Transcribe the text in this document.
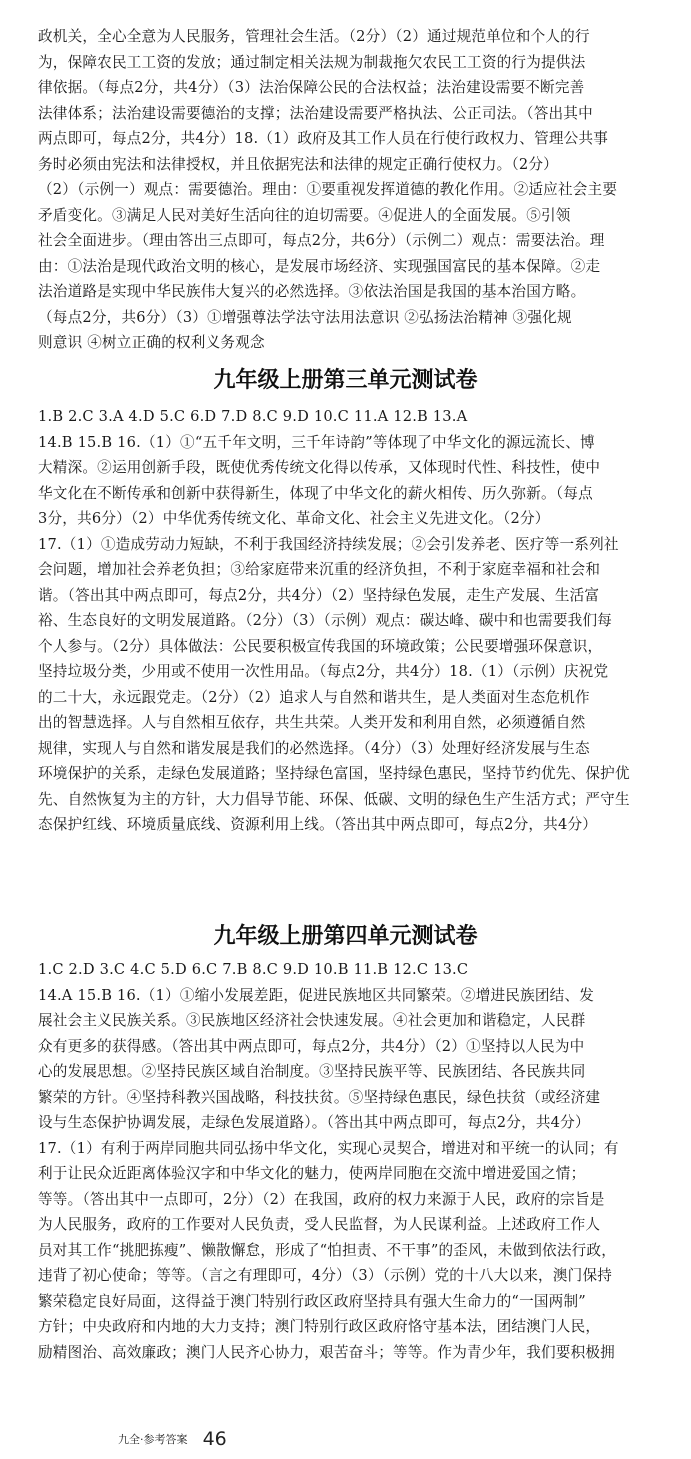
政机关，全心全意为人民服务，管理社会生活。（2分）（2）通过规范单位和个人的行
为，保障农民工工资的发放；通过制定相关法规为制裁拖欠农民工工资的行为提供法
律依据。（每点2分，共4分）（3）法治保障公民的合法权益；法治建设需要不断完善
法律体系；法治建设需要德治的支撑；法治建设需要严格执法、公正司法。（答出其中
两点即可，每点2分，共4分）18.（1）政府及其工作人员在行使行政权力、管理公共事
务时必须由宪法和法律授权，并且依据宪法和法律的规定正确行使权力。（2分）
（2）（示例一）观点：需要德治。理由：①要重视发挥道德的教化作用。②适应社会主要
矛盾变化。③满足人民对美好生活向往的迫切需要。④促进人的全面发展。⑤引领
社会全面进步。（理由答出三点即可，每点2分，共6分）（示例二）观点：需要法治。理
由：①法治是现代政治文明的核心，是发展市场经济、实现强国富民的基本保障。②走
法治道路是实现中华民族伟大复兴的必然选择。③依法治国是我国的基本治国方略。
（每点2分，共6分）（3）①增强尊法学法守法用法意识 ②弘扬法治精神 ③强化规
则意识 ④树立正确的权利义务观念
九年级上册第三单元测试卷
1.B 2.C 3.A 4.D 5.C 6.D 7.D 8.C 9.D 10.C 11.A 12.B 13.A
14.B 15.B 16.（1）①“五千年文明，三千年诗韵”等体现了中华文化的源远流长、博
大精深。②运用创新手段，既使优秀传统文化得以传承，又体现时代性、科技性，使中
华文化在不断传承和创新中获得新生，体现了中华文化的薪火相传、历久弥新。（每点
3分，共6分）（2）中华优秀传统文化、革命文化、社会主义先进文化。（2分）
17.（1）①造成劳动力短缺，不利于我国经济持续发展；②会引发养老、医疗等一系列社
会问题，增加社会养老负担；③给家庭带来沉重的经济负担，不利于家庭幸福和社会和
谐。（答出其中两点即可，每点2分，共4分）（2）坚持绿色发展，走生产发展、生活富
裕、生态良好的文明发展道路。（2分）（3）（示例）观点：碳达峰、碳中和也需要我们每
个人参与。（2分）具体做法：公民要积极宣传我国的环境政策；公民要增强环保意识，
坚持垃圾分类，少用或不使用一次性用品。（每点2分，共4分）18.（1）（示例）庆祝党
的二十大，永远跟党走。（2分）（2）追求人与自然和谐共生，是人类面对生态危机作
出的智慧选择。人与自然相互依存，共生共荣。人类开发和利用自然，必须遵循自然
规律，实现人与自然和谐发展是我们的必然选择。（4分）（3）处理好经济发展与生态
环境保护的关系，走绿色发展道路；坚持绿色富国，坚持绿色惠民，坚持节约优先、保护优
先、自然恢复为主的方针，大力倡导节能、环保、低碳、文明的绿色生产生活方式；严守生
态保护红线、环境质量底线、资源利用上线。（答出其中两点即可，每点2分，共4分）
九年级上册第四单元测试卷
1.C 2.D 3.C 4.C 5.D 6.C 7.B 8.C 9.D 10.B 11.B 12.C 13.C
14.A 15.B 16.（1）①缩小发展差距，促进民族地区共同繁荣。②增进民族团结、发
展社会主义民族关系。③民族地区经济社会快速发展。④社会更加和谐稳定，人民群
众有更多的获得感。（答出其中两点即可，每点2分，共4分）（2）①坚持以人民为中
心的发展思想。②坚持民族区域自治制度。③坚持民族平等、民族团结、各民族共同
繁荣的方针。④坚持科教兴国战略，科技扶贫。⑤坚持绿色惠民，绿色扶贫（或经济建
设与生态保护协调发展，走绿色发展道路）。（答出其中两点即可，每点2分，共4分）
17.（1）有利于两岸同胞共同弘扬中华文化，实现心灵契合，增进对和平统一的认同；有
利于让民众近距离体验汉字和中华文化的魅力，使两岸同胞在交流中增进爱国之情；
等等。（答出其中一点即可，2分）（2）在我国，政府的权力来源于人民，政府的宗旨是
为人民服务，政府的工作要对人民负责，受人民监督，为人民谋利益。上述政府工作人
员对其工作“挑肥拣瘦”、懒散懈怠，形成了“怕担责、不干事”的歪风，未做到依法行政，
违背了初心使命；等等。（言之有理即可，4分）（3）（示例）党的十八大以来，澳门保持
繁荣稳定良好局面，这得益于澳门特别行政区政府坚持具有强大生命力的“一国两制”
方针；中央政府和内地的大力支持；澳门特别行政区政府恪守基本法，团结澳门人民，
励精图治、高效廉政；澳门人民齐心协力，艰苦奋斗；等等。作为青少年，我们要积极拥
九全·参考答案 46
